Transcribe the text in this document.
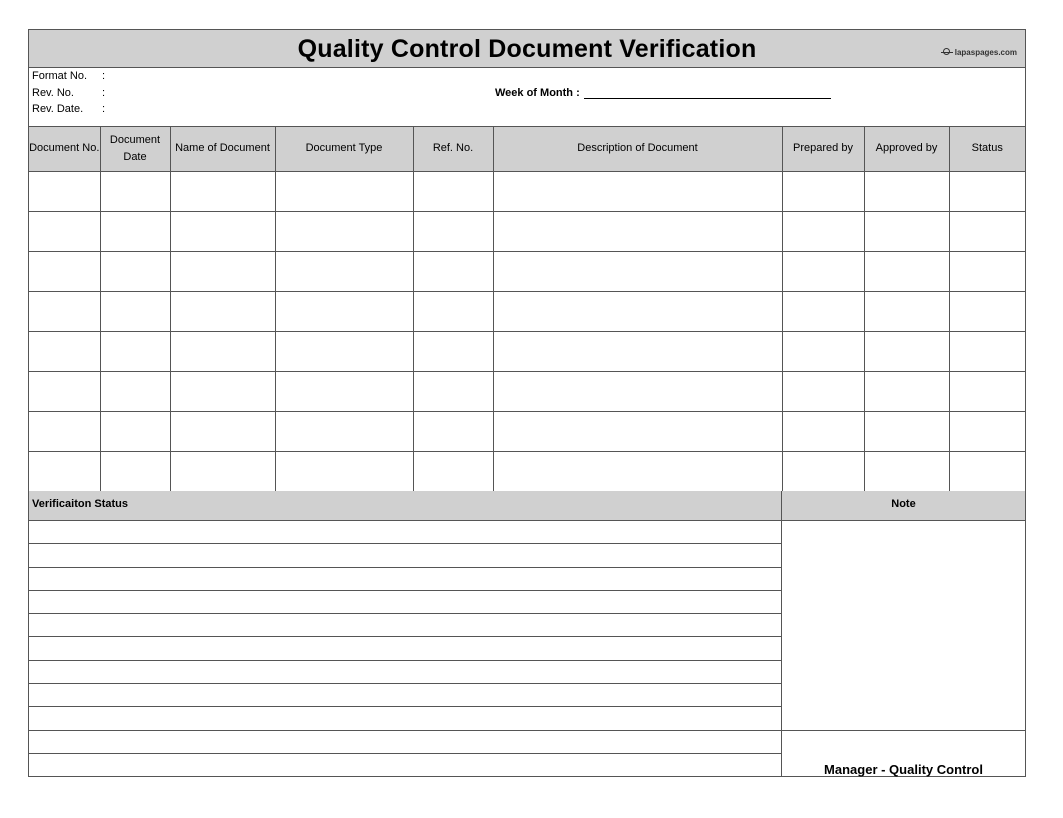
Quality Control Document Verification	lapaspages.com
Format No.	:
Rev. No.	:
Rev. Date.	:
Week of Month :
Document No.	Document Date	Name of Document	Document Type	Ref. No.	Description of Document	Prepared by	Approved by	Status

Verificaiton Status	Note
Manager - Quality Control
